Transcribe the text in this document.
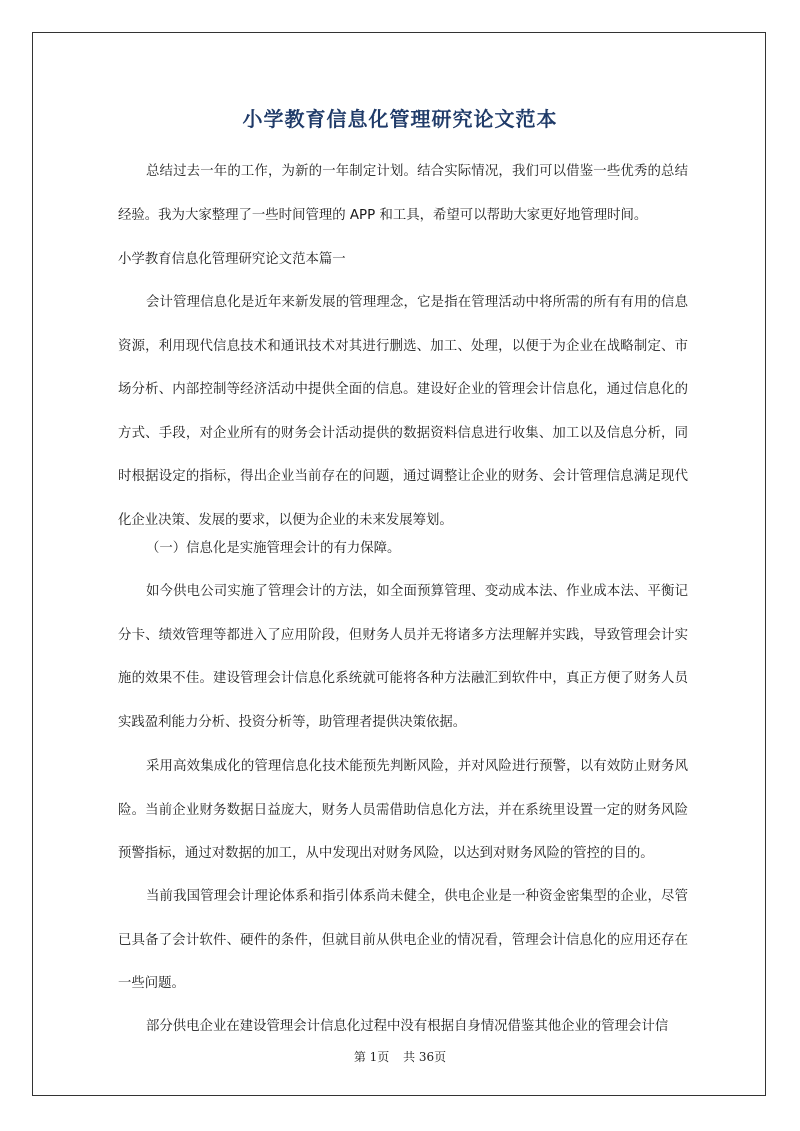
小学教育信息化管理研究论文范本

总结过去一年的工作，为新的一年制定计划。结合实际情况，我们可以借鉴一些优秀的总结经验。我为大家整理了一些时间管理的 APP 和工具，希望可以帮助大家更好地管理时间。

小学教育信息化管理研究论文范本篇一

会计管理信息化是近年来新发展的管理理念，它是指在管理活动中将所需的所有有用的信息资源，利用现代信息技术和通讯技术对其进行删选、加工、处理，以便于为企业在战略制定、市场分析、内部控制等经济活动中提供全面的信息。建设好企业的管理会计信息化，通过信息化的方式、手段，对企业所有的财务会计活动提供的数据资料信息进行收集、加工以及信息分析，同时根据设定的指标，得出企业当前存在的问题，通过调整让企业的财务、会计管理信息满足现代化企业决策、发展的要求，以便为企业的未来发展筹划。

（一）信息化是实施管理会计的有力保障。

如今供电公司实施了管理会计的方法，如全面预算管理、变动成本法、作业成本法、平衡记分卡、绩效管理等都进入了应用阶段，但财务人员并无将诸多方法理解并实践，导致管理会计实施的效果不佳。建设管理会计信息化系统就可能将各种方法融汇到软件中，真正方便了财务人员实践盈利能力分析、投资分析等，助管理者提供决策依据。

采用高效集成化的管理信息化技术能预先判断风险，并对风险进行预警，以有效防止财务风险。当前企业财务数据日益庞大，财务人员需借助信息化方法，并在系统里设置一定的财务风险预警指标，通过对数据的加工，从中发现出对财务风险，以达到对财务风险的管控的目的。

当前我国管理会计理论体系和指引体系尚未健全，供电企业是一种资金密集型的企业，尽管已具备了会计软件、硬件的条件，但就目前从供电企业的情况看，管理会计信息化的应用还存在一些问题。

部分供电企业在建设管理会计信息化过程中没有根据自身情况借鉴其他企业的管理会计信

第 1页 共 36页
